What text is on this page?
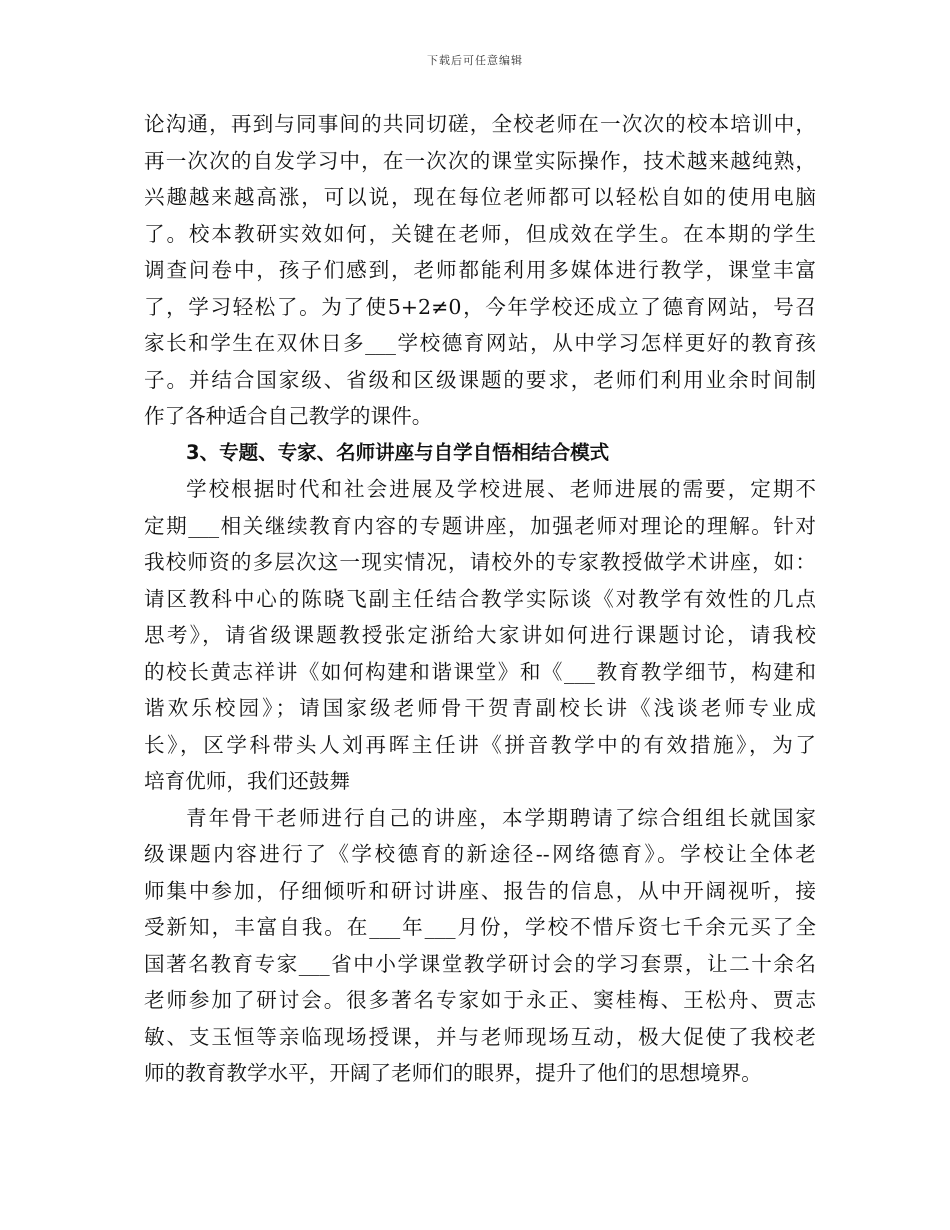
下载后可任意编辑
论沟通，再到与同事间的共同切磋，全校老师在一次次的校本培训中，
再一次次的自发学习中，在一次次的课堂实际操作，技术越来越纯熟，
兴趣越来越高涨，可以说，现在每位老师都可以轻松自如的使用电脑
了。校本教研实效如何，关键在老师，但成效在学生。在本期的学生
调查问卷中，孩子们感到，老师都能利用多媒体进行教学，课堂丰富
了，学习轻松了。为了使5+2≠0，今年学校还成立了德育网站，号召
家长和学生在双休日多___学校德育网站，从中学习怎样更好的教育孩
子。并结合国家级、省级和区级课题的要求，老师们利用业余时间制
作了各种适合自己教学的课件。
3、专题、专家、名师讲座与自学自悟相结合模式
学校根据时代和社会进展及学校进展、老师进展的需要，定期不
定期___相关继续教育内容的专题讲座，加强老师对理论的理解。针对
我校师资的多层次这一现实情况，请校外的专家教授做学术讲座，如：
请区教科中心的陈晓飞副主任结合教学实际谈《对教学有效性的几点
思考》，请省级课题教授张定浙给大家讲如何进行课题讨论，请我校
的校长黄志祥讲《如何构建和谐课堂》和《___教育教学细节，构建和
谐欢乐校园》；请国家级老师骨干贺青副校长讲《浅谈老师专业成
长》，区学科带头人刘再晖主任讲《拼音教学中的有效措施》，为了
培育优师，我们还鼓舞
青年骨干老师进行自己的讲座，本学期聘请了综合组组长就国家
级课题内容进行了《学校德育的新途径--网络德育》。学校让全体老
师集中参加，仔细倾听和研讨讲座、报告的信息，从中开阔视听，接
受新知，丰富自我。在___年___月份，学校不惜斥资七千余元买了全
国著名教育专家___省中小学课堂教学研讨会的学习套票，让二十余名
老师参加了研讨会。很多著名专家如于永正、窦桂梅、王松舟、贾志
敏、支玉恒等亲临现场授课，并与老师现场互动，极大促使了我校老
师的教育教学水平，开阔了老师们的眼界，提升了他们的思想境界。
